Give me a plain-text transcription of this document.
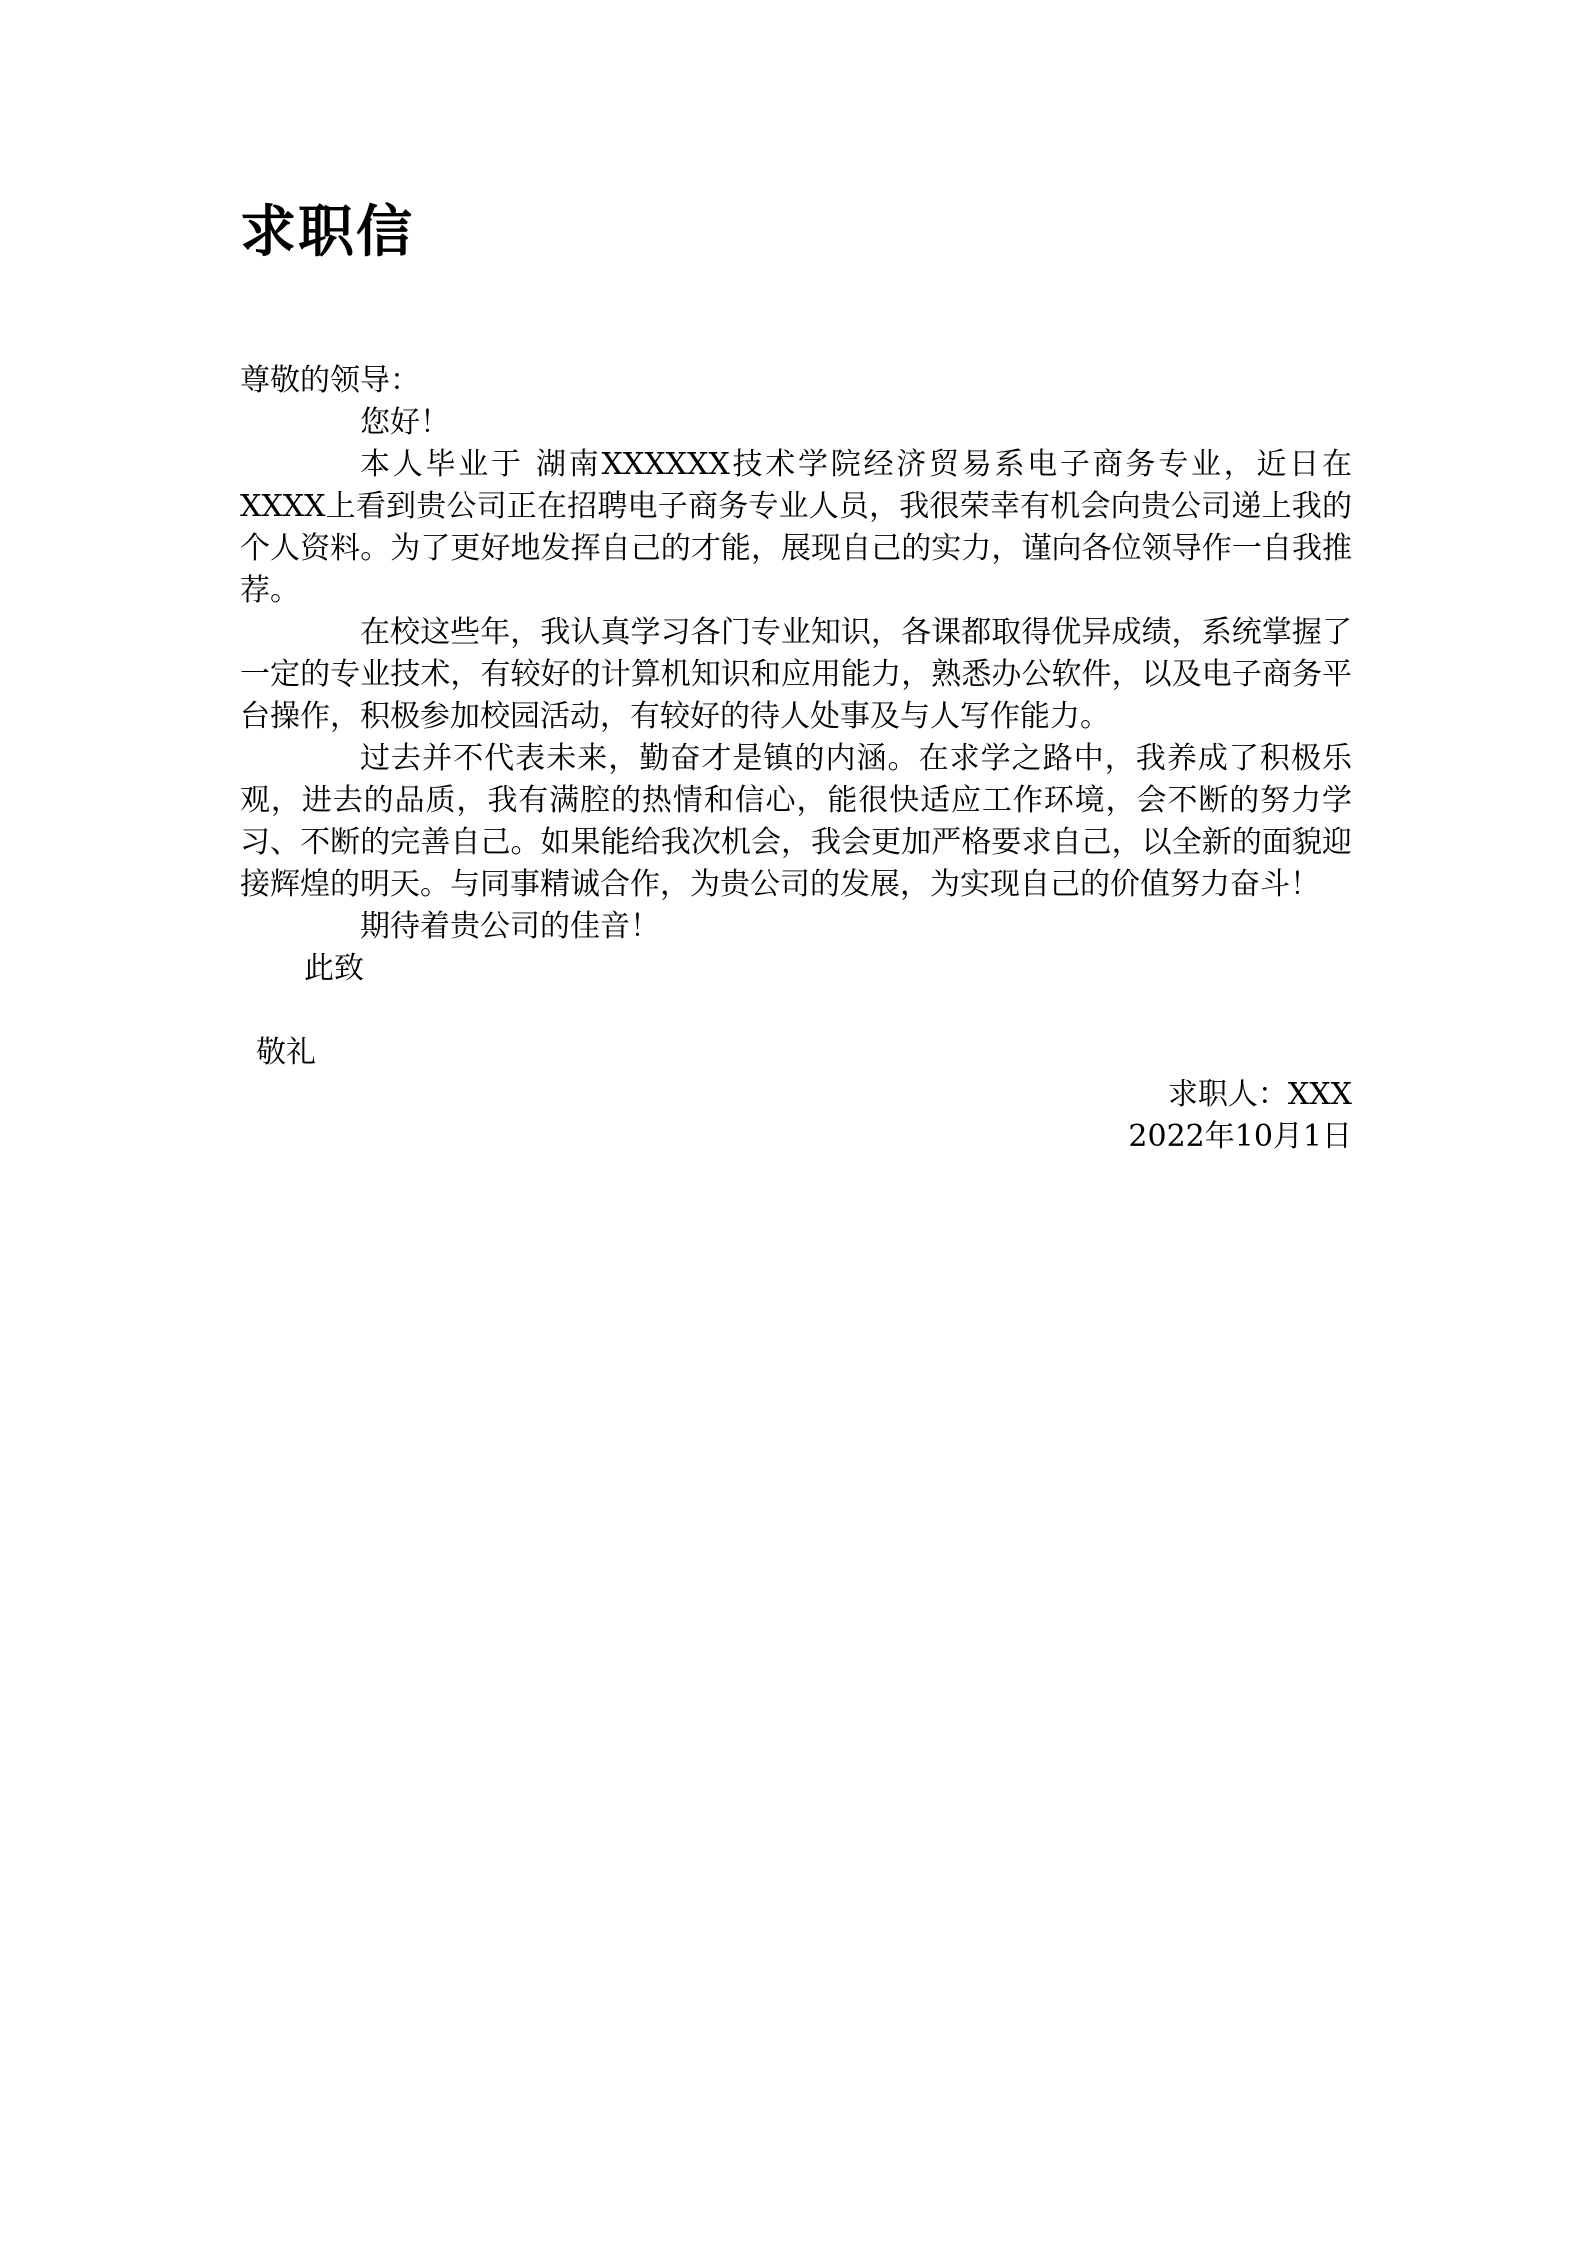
求职信

尊敬的领导：

您好！

本人毕业于 湖南XXXXXX技术学院经济贸易系电子商务专业，近日在XXXX上看到贵公司正在招聘电子商务专业人员，我很荣幸有机会向贵公司递上我的个人资料。为了更好地发挥自己的才能，展现自己的实力，谨向各位领导作一自我推荐。

在校这些年，我认真学习各门专业知识，各课都取得优异成绩，系统掌握了一定的专业技术，有较好的计算机知识和应用能力，熟悉办公软件，以及电子商务平台操作，积极参加校园活动，有较好的待人处事及与人写作能力。

过去并不代表未来，勤奋才是镇的内涵。在求学之路中，我养成了积极乐观，进去的品质，我有满腔的热情和信心，能很快适应工作环境，会不断的努力学习、不断的完善自己。如果能给我次机会，我会更加严格要求自己，以全新的面貌迎接辉煌的明天。与同事精诚合作，为贵公司的发展，为实现自己的价值努力奋斗！

期待着贵公司的佳音！

此致

敬礼

求职人：XXX

2022年10月1日
